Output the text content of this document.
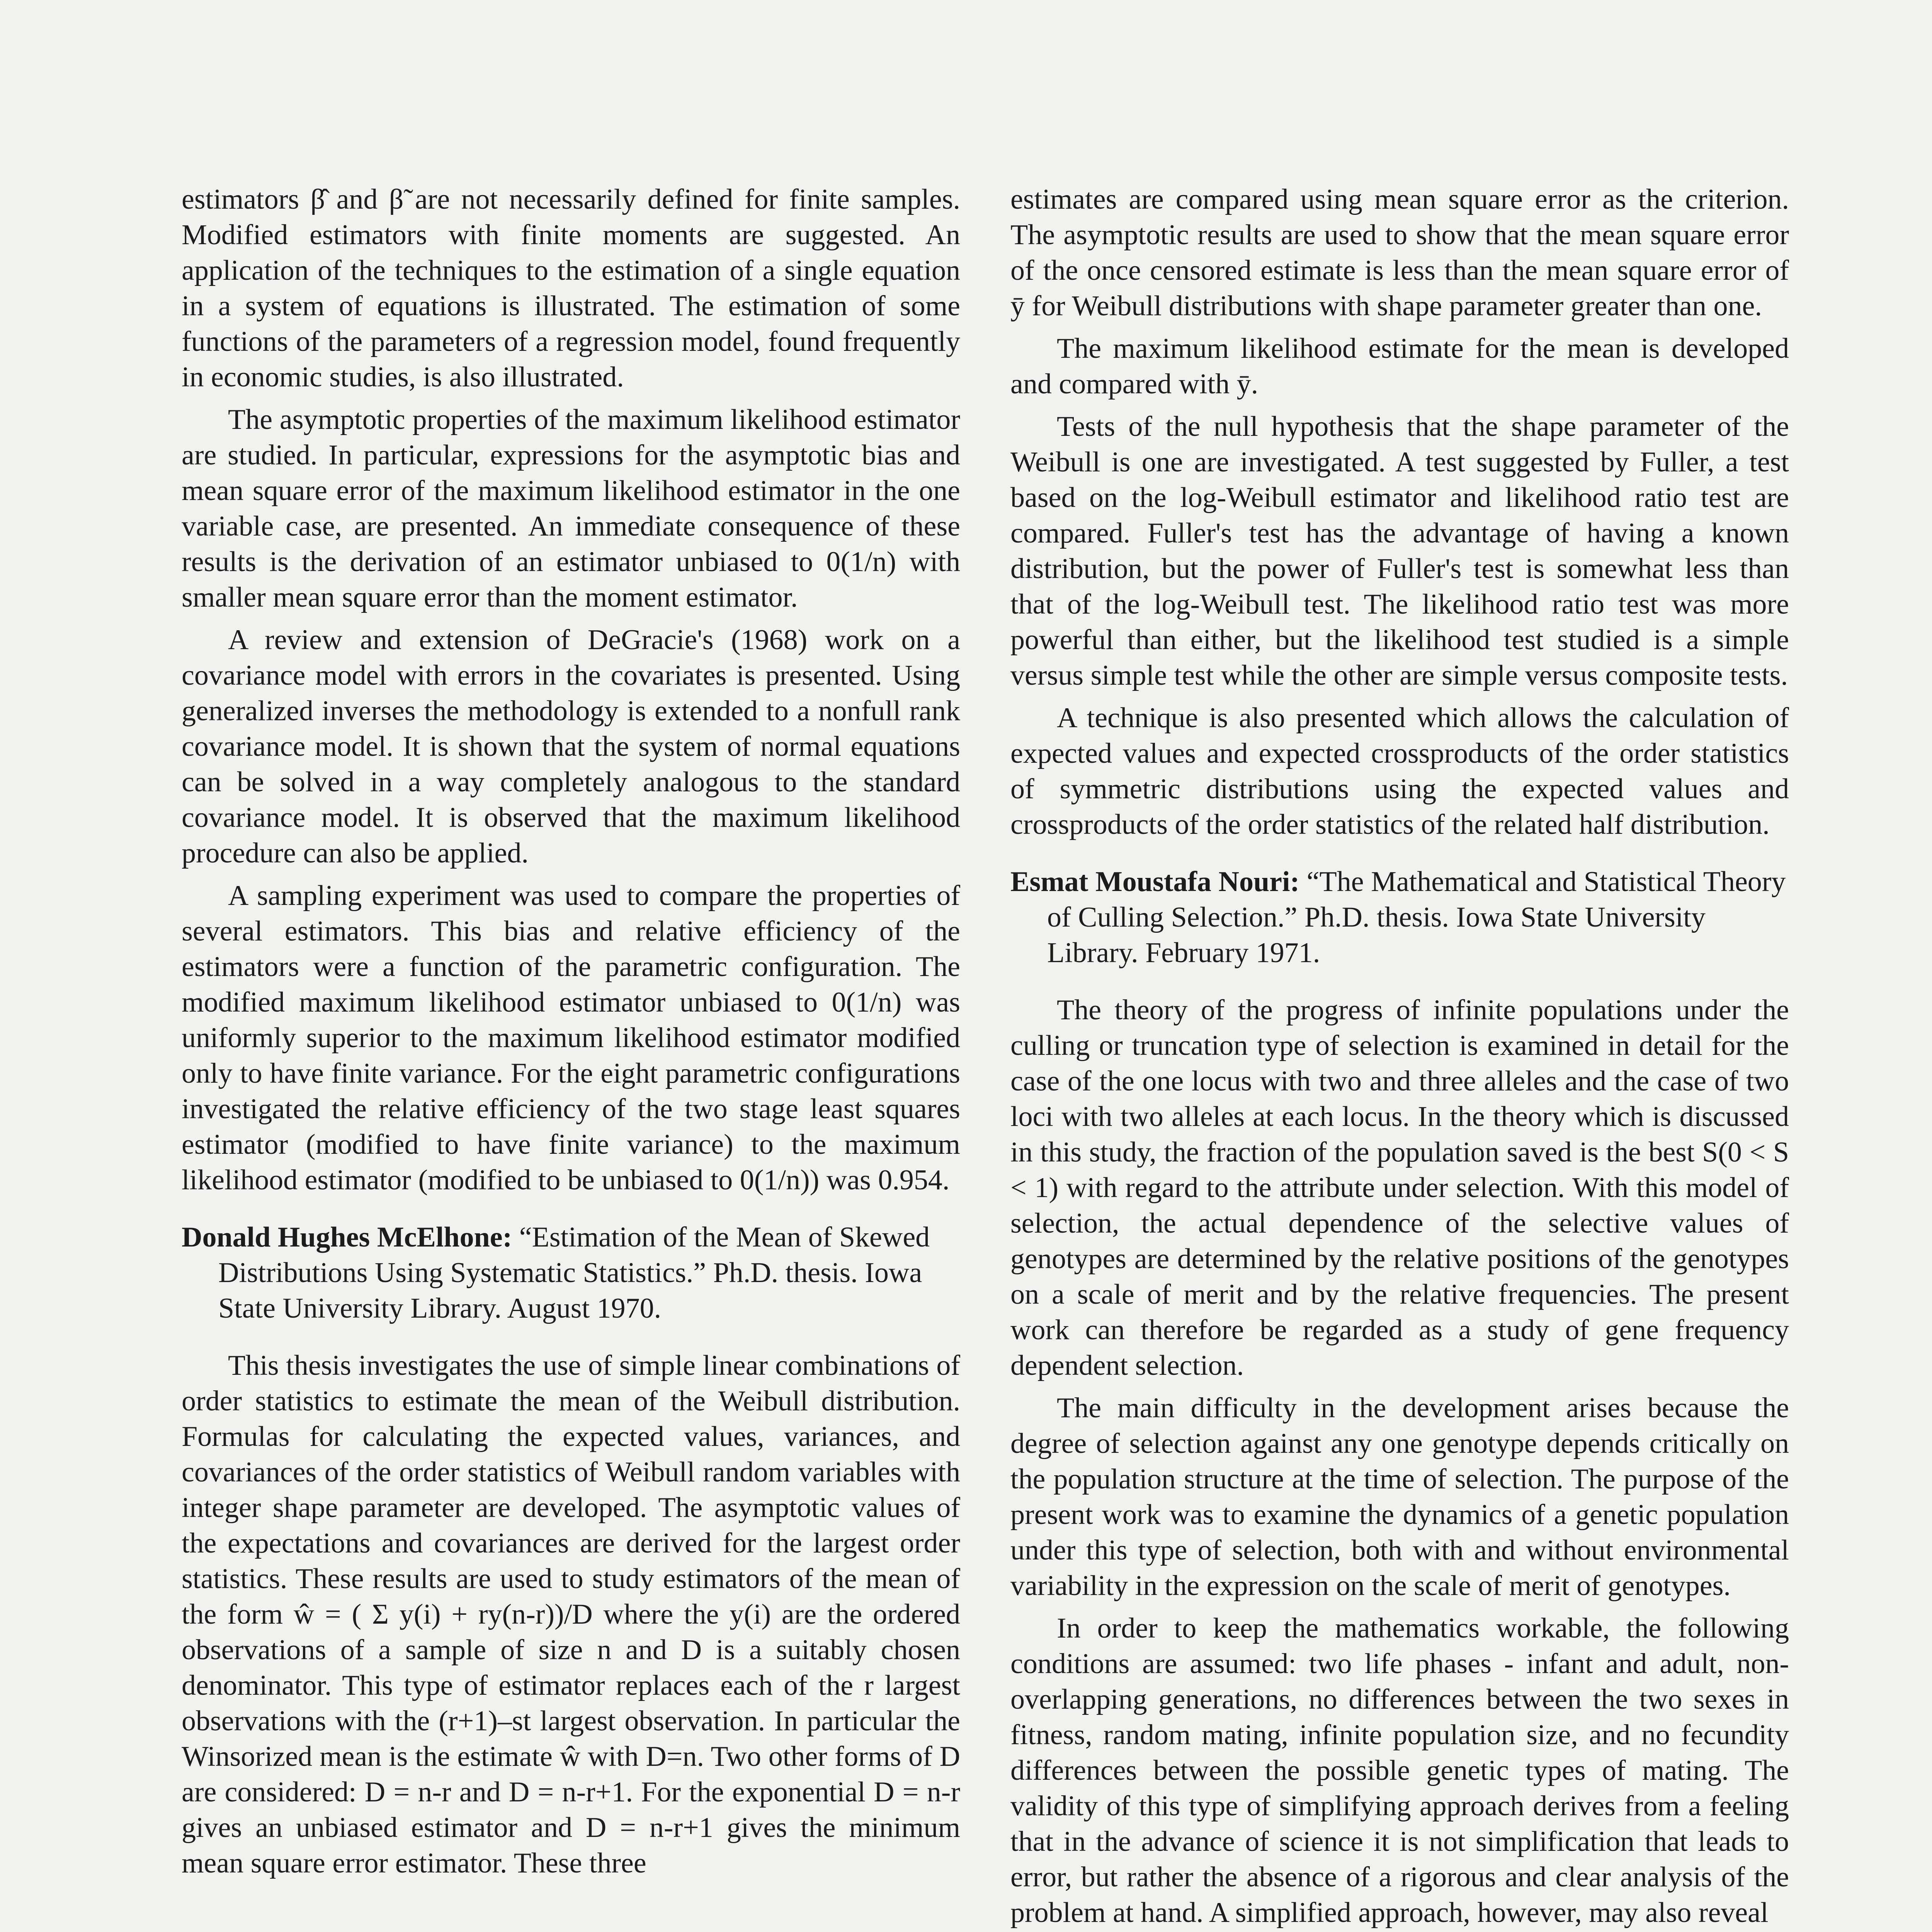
estimators β̂ and β̃ are not necessarily defined for finite samples. Modified estimators with finite moments are suggested. An application of the techniques to the estimation of a single equation in a system of equations is illustrated. The estimation of some functions of the parameters of a regression model, found frequently in economic studies, is also illustrated.

The asymptotic properties of the maximum likelihood estimator are studied. In particular, expressions for the asymptotic bias and mean square error of the maximum likelihood estimator in the one variable case, are presented. An immediate consequence of these results is the derivation of an estimator unbiased to 0(1/n) with smaller mean square error than the moment estimator.

A review and extension of DeGracie's (1968) work on a covariance model with errors in the covariates is presented. Using generalized inverses the methodology is extended to a nonfull rank covariance model. It is shown that the system of normal equations can be solved in a way completely analogous to the standard covariance model. It is observed that the maximum likelihood procedure can also be applied.

A sampling experiment was used to compare the properties of several estimators. This bias and relative efficiency of the estimators were a function of the parametric configuration. The modified maximum likelihood estimator unbiased to 0(1/n) was uniformly superior to the maximum likelihood estimator modified only to have finite variance. For the eight parametric configurations investigated the relative efficiency of the two stage least squares estimator (modified to have finite variance) to the maximum likelihood estimator (modified to be unbiased to 0(1/n)) was 0.954.

Donald Hughes McElhone: “Estimation of the Mean of Skewed Distributions Using Systematic Statistics.” Ph.D. thesis. Iowa State University Library. August 1970.

This thesis investigates the use of simple linear combinations of order statistics to estimate the mean of the Weibull distribution. Formulas for calculating the expected values, variances, and covariances of the order statistics of Weibull random variables with integer shape parameter are developed. The asymptotic values of the expectations and covariances are derived for the largest order statistics. These results are used to study estimators of the mean of the form ŵ = ( Σ y(i) + ry(n-r))/D where the y(i) are the ordered observations of a sample of size n and D is a suitably chosen denominator. This type of estimator replaces each of the r largest observations with the (r+1)–st largest observation. In particular the Winsorized mean is the estimate ŵ with D=n. Two other forms of D are considered: D = n-r and D = n-r+1. For the exponential D = n-r gives an unbiased estimator and D = n-r+1 gives the minimum mean square error estimator. These three

estimates are compared using mean square error as the criterion. The asymptotic results are used to show that the mean square error of the once censored estimate is less than the mean square error of ȳ for Weibull distributions with shape parameter greater than one.

The maximum likelihood estimate for the mean is developed and compared with ȳ.

Tests of the null hypothesis that the shape parameter of the Weibull is one are investigated. A test suggested by Fuller, a test based on the log-Weibull estimator and likelihood ratio test are compared. Fuller's test has the advantage of having a known distribution, but the power of Fuller's test is somewhat less than that of the log-Weibull test. The likelihood ratio test was more powerful than either, but the likelihood test studied is a simple versus simple test while the other are simple versus composite tests.

A technique is also presented which allows the calculation of expected values and expected crossproducts of the order statistics of symmetric distributions using the expected values and crossproducts of the order statistics of the related half distribution.

Esmat Moustafa Nouri: “The Mathematical and Statistical Theory of Culling Selection.” Ph.D. thesis. Iowa State University Library. February 1971.

The theory of the progress of infinite populations under the culling or truncation type of selection is examined in detail for the case of the one locus with two and three alleles and the case of two loci with two alleles at each locus. In the theory which is discussed in this study, the fraction of the population saved is the best S(0 < S < 1) with regard to the attribute under selection. With this model of selection, the actual dependence of the selective values of genotypes are determined by the relative positions of the genotypes on a scale of merit and by the relative frequencies. The present work can therefore be regarded as a study of gene frequency dependent selection.

The main difficulty in the development arises because the degree of selection against any one genotype depends critically on the population structure at the time of selection. The purpose of the present work was to examine the dynamics of a genetic population under this type of selection, both with and without environmental variability in the expression on the scale of merit of genotypes.

In order to keep the mathematics workable, the following conditions are assumed: two life phases - infant and adult, non-overlapping generations, no differences between the two sexes in fitness, random mating, infinite population size, and no fecundity differences between the possible genetic types of mating. The validity of this type of simplifying approach derives from a feeling that in the advance of science it is not simplification that leads to error, but rather the absence of a rigorous and clear analysis of the problem at hand. A simplified approach, however, may also reveal
